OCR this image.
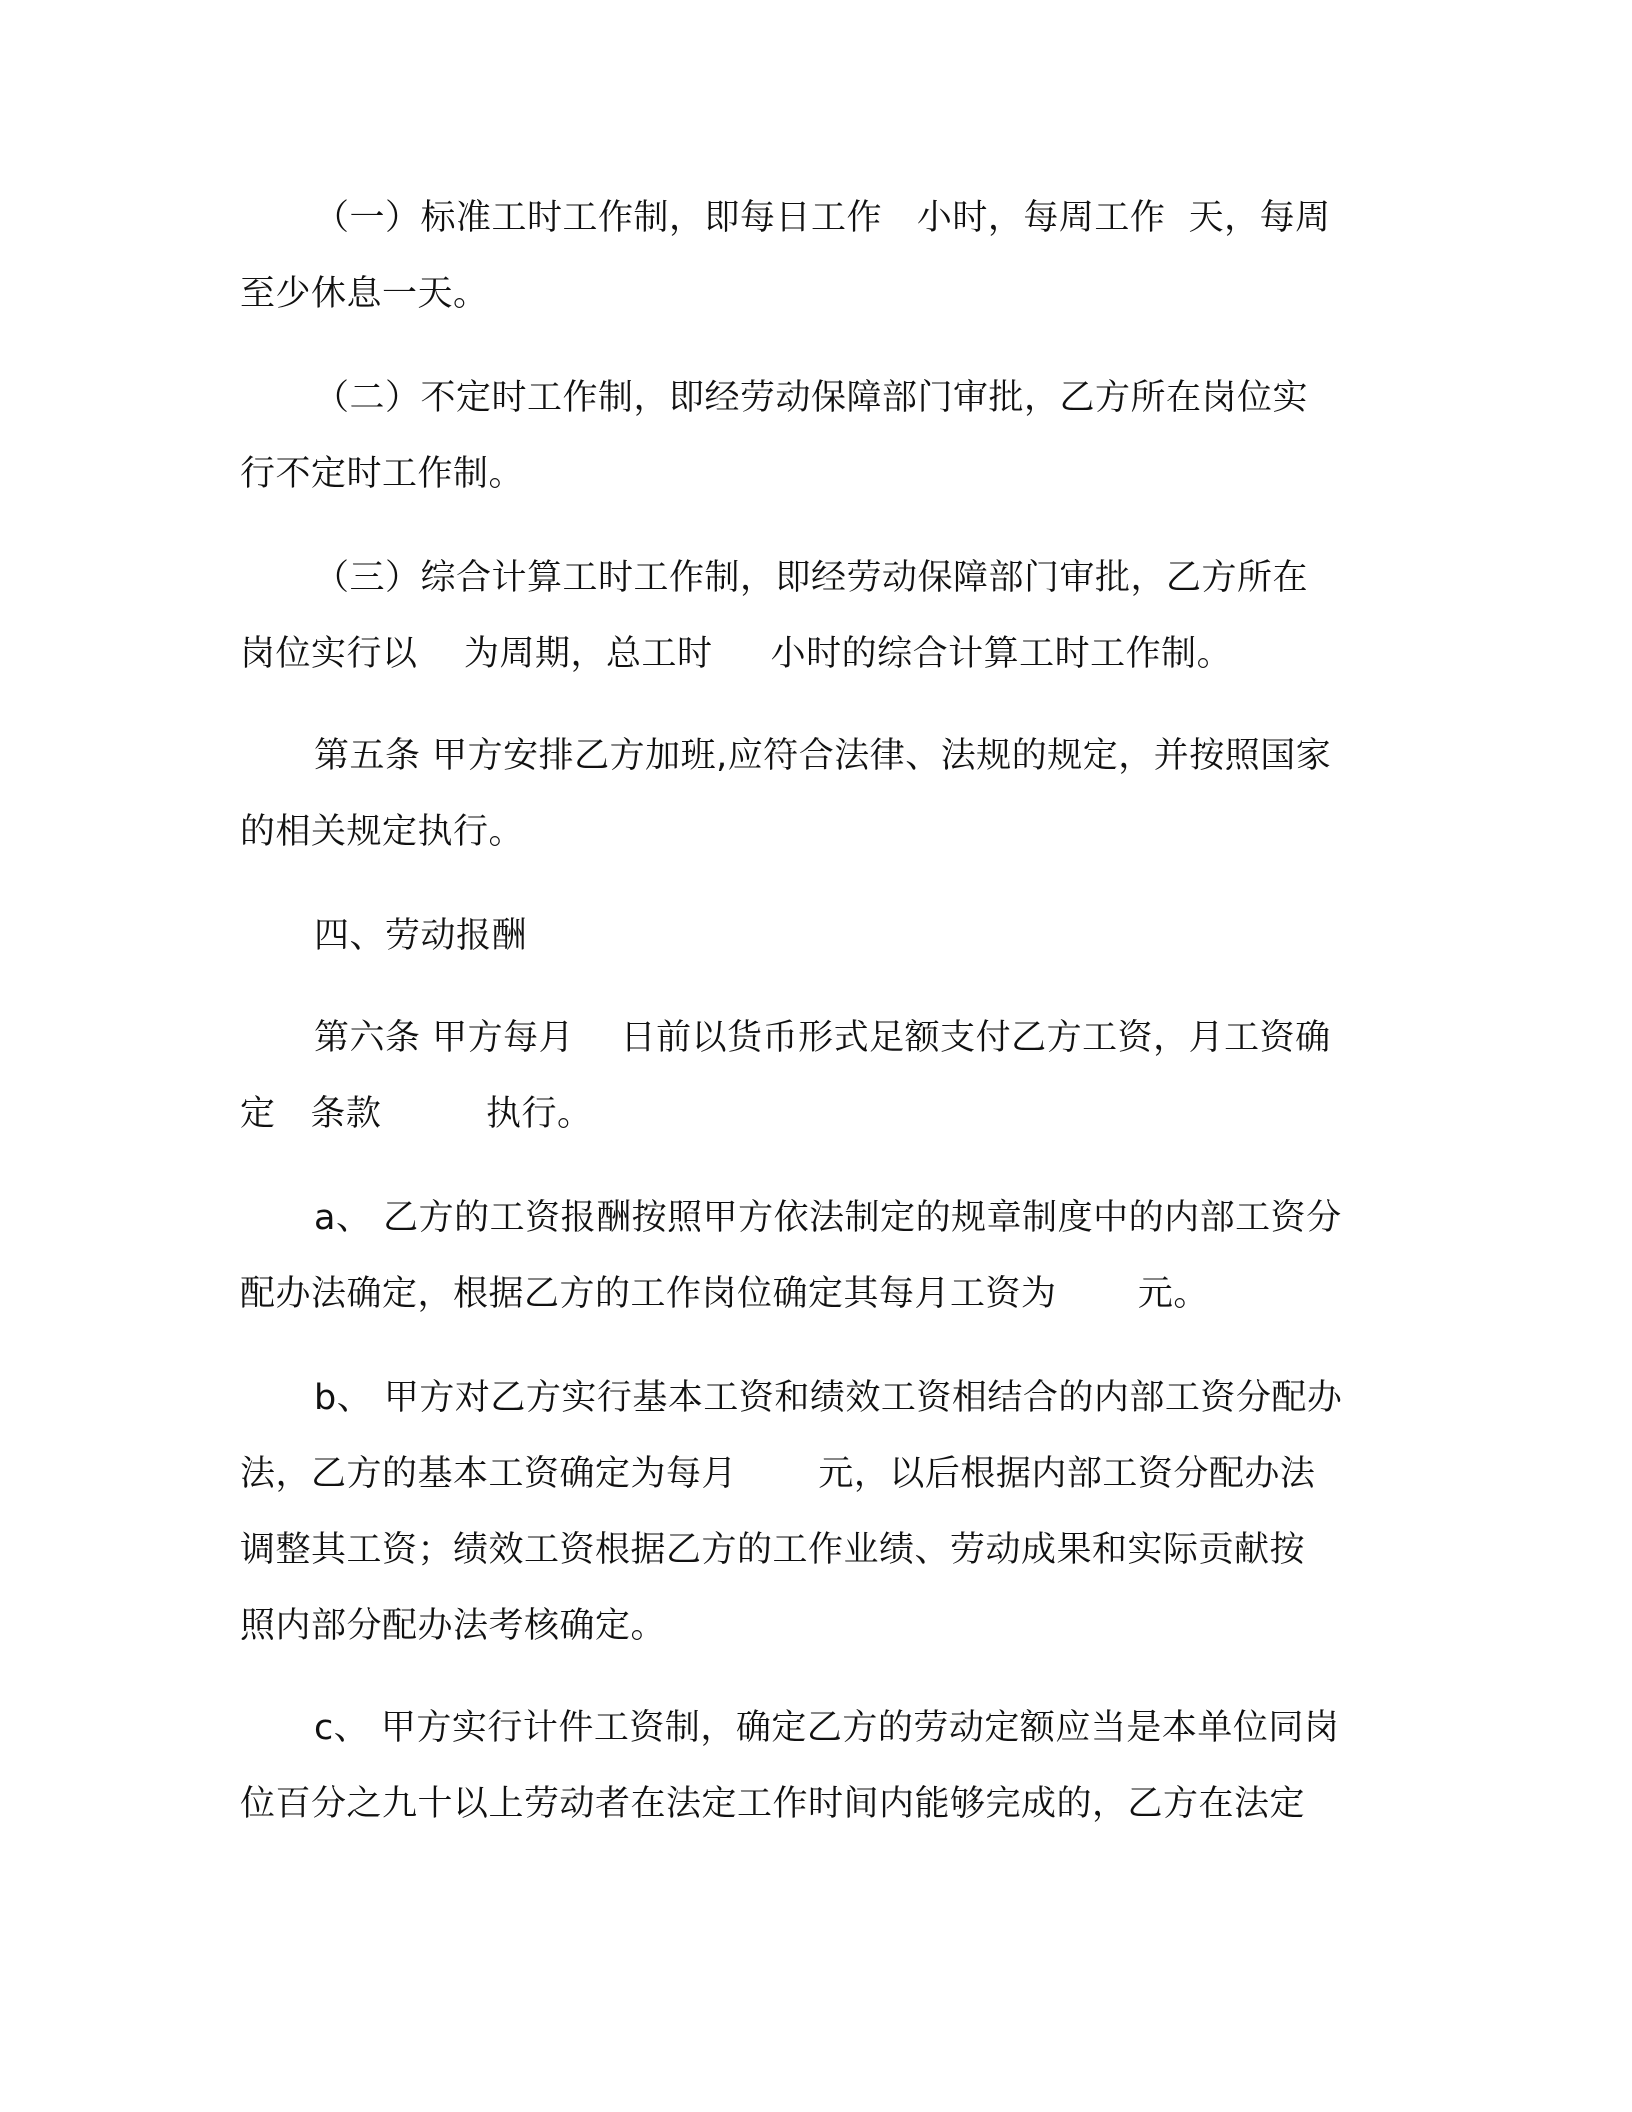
（一）标准工时工作制，即每日工作   小时，每周工作  天，每周

至少休息一天。

（二）不定时工作制，即经劳动保障部门审批，乙方所在岗位实

行不定时工作制。

（三）综合计算工时工作制，即经劳动保障部门审批，乙方所在

岗位实行以    为周期，总工时     小时的综合计算工时工作制。

第五条 甲方安排乙方加班,应符合法律、法规的规定，并按照国家

的相关规定执行。

四、劳动报酬

第六条 甲方每月    日前以货币形式足额支付乙方工资，月工资确

定   条款         执行。

a、 乙方的工资报酬按照甲方依法制定的规章制度中的内部工资分

配办法确定，根据乙方的工作岗位确定其每月工资为       元。

b、 甲方对乙方实行基本工资和绩效工资相结合的内部工资分配办

法，乙方的基本工资确定为每月       元，以后根据内部工资分配办法

调整其工资；绩效工资根据乙方的工作业绩、劳动成果和实际贡献按

照内部分配办法考核确定。

c、 甲方实行计件工资制，确定乙方的劳动定额应当是本单位同岗

位百分之九十以上劳动者在法定工作时间内能够完成的，乙方在法定
